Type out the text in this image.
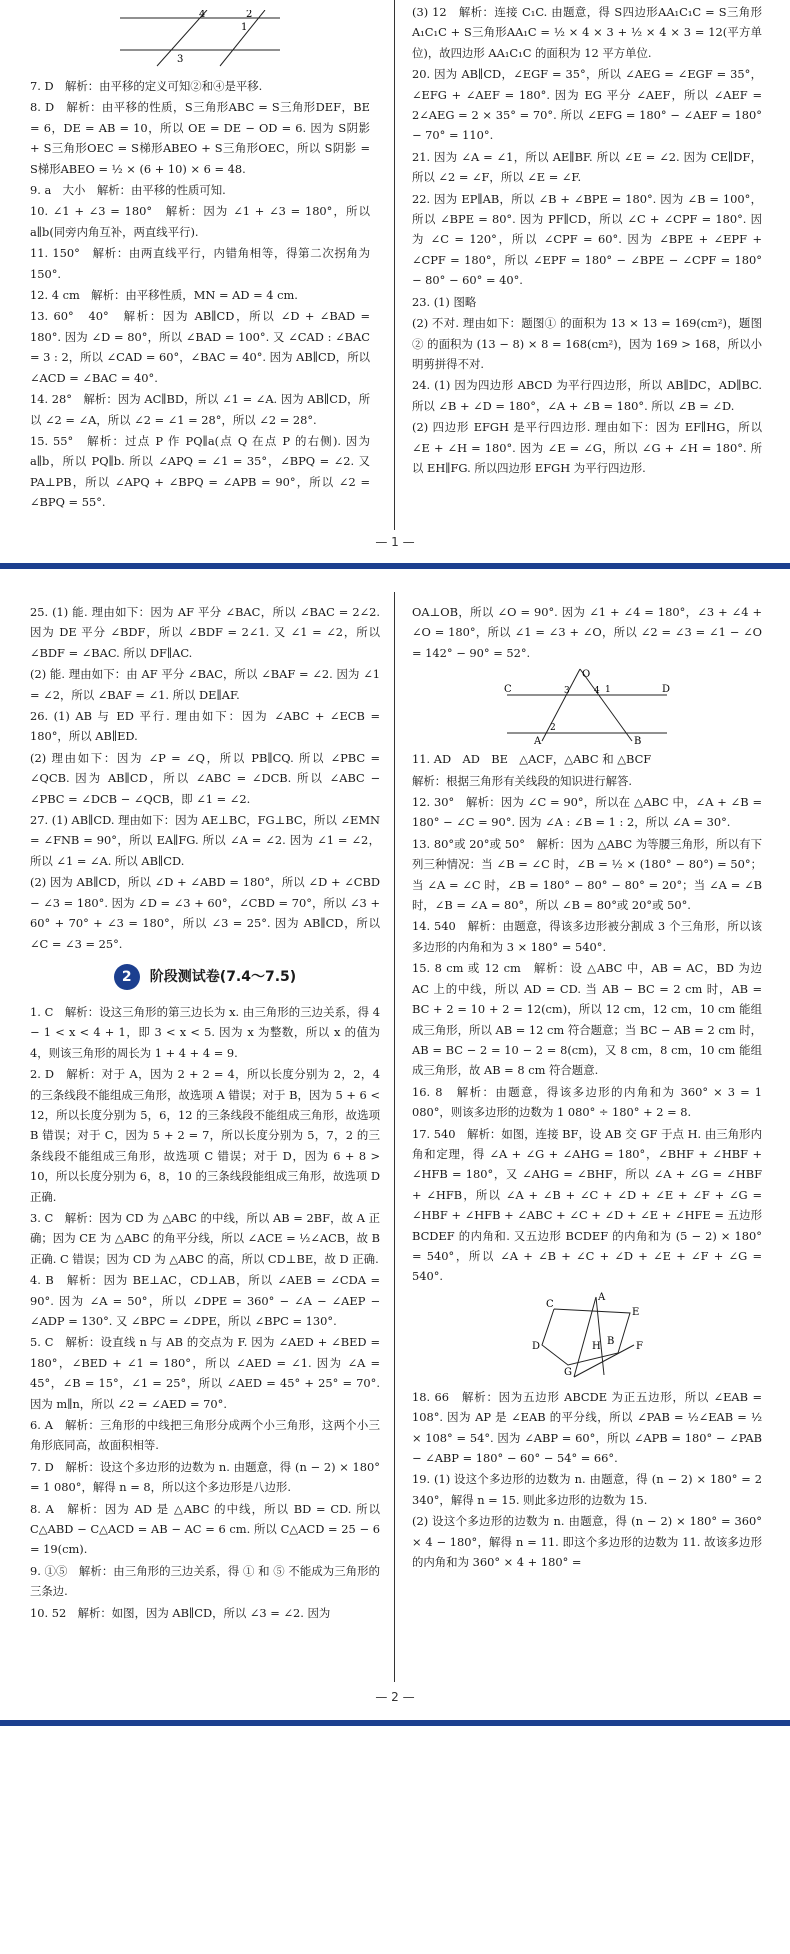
4	2
1
3

7. D　解析：由平移的定义可知②和④是平移.

8. D　解析：由平移的性质，S三角形ABC = S三角形DEF，BE = 6，DE = AB = 10，所以 OE = DE − OD = 6. 因为 S阴影 + S三角形OEC = S梯形ABEO + S三角形OEC，所以 S阴影 = S梯形ABEO = ½ × (6 + 10) × 6 = 48.

9. a　大小　解析：由平移的性质可知.

10. ∠1 + ∠3 = 180°　解析：因为 ∠1 + ∠3 = 180°，所以 a∥b(同旁内角互补，两直线平行).

11. 150°　解析：由两直线平行，内错角相等，得第二次拐角为 150°.

12. 4 cm　解析：由平移性质，MN = AD = 4 cm.

13. 60°　40°　解析：因为 AB∥CD，所以 ∠D + ∠BAD = 180°. 因为 ∠D = 80°，所以 ∠BAD = 100°. 又 ∠CAD : ∠BAC = 3 : 2，所以 ∠CAD = 60°，∠BAC = 40°. 因为 AB∥CD，所以 ∠ACD = ∠BAC = 40°.

14. 28°　解析：因为 AC∥BD，所以 ∠1 = ∠A. 因为 AB∥CD，所以 ∠2 = ∠A，所以 ∠2 = ∠1 = 28°，所以 ∠2 = 28°.

15. 55°　解析：过点 P 作 PQ∥a(点 Q 在点 P 的右侧). 因为 a∥b，所以 PQ∥b. 所以 ∠APQ = ∠1 = 35°，∠BPQ = ∠2. 又 PA⊥PB，所以 ∠APQ + ∠BPQ = ∠APB = 90°，所以 ∠2 = ∠BPQ = 55°.

(3) 12　解析：连接 C₁C. 由题意，得 S四边形AA₁C₁C = S三角形A₁C₁C + S三角形AA₁C = ½ × 4 × 3 + ½ × 4 × 3 = 12(平方单位)，故四边形 AA₁C₁C 的面积为 12 平方单位.

20. 因为 AB∥CD，∠EGF = 35°，所以 ∠AEG = ∠EGF = 35°，∠EFG + ∠AEF = 180°. 因为 EG 平分 ∠AEF，所以 ∠AEF = 2∠AEG = 2 × 35° = 70°. 所以 ∠EFG = 180° − ∠AEF = 180° − 70° = 110°.

21. 因为 ∠A = ∠1，所以 AE∥BF. 所以 ∠E = ∠2. 因为 CE∥DF，所以 ∠2 = ∠F，所以 ∠E = ∠F.

22. 因为 EP∥AB，所以 ∠B + ∠BPE = 180°. 因为 ∠B = 100°，所以 ∠BPE = 80°. 因为 PF∥CD，所以 ∠C + ∠CPF = 180°. 因为 ∠C = 120°，所以 ∠CPF = 60°. 因为 ∠BPE + ∠EPF + ∠CPF = 180°，所以 ∠EPF = 180° − ∠BPE − ∠CPF = 180° − 80° − 60° = 40°.

23. (1) 图略

(2) 不对. 理由如下：题图① 的面积为 13 × 13 = 169(cm²)，题图② 的面积为 (13 − 8) × 8 = 168(cm²)，因为 169 > 168，所以小明剪拼得不对.

24. (1) 因为四边形 ABCD 为平行四边形，所以 AB∥DC，AD∥BC. 所以 ∠B + ∠D = 180°，∠A + ∠B = 180°. 所以 ∠B = ∠D.

(2) 四边形 EFGH 是平行四边形. 理由如下：因为 EF∥HG，所以 ∠E + ∠H = 180°. 因为 ∠E = ∠G，所以 ∠G + ∠H = 180°. 所以 EH∥FG. 所以四边形 EFGH 为平行四边形.

— 1 —

25. (1) 能. 理由如下：因为 AF 平分 ∠BAC，所以 ∠BAC = 2∠2. 因为 DE 平分 ∠BDF，所以 ∠BDF = 2∠1. 又 ∠1 = ∠2，所以 ∠BDF = ∠BAC. 所以 DF∥AC.

(2) 能. 理由如下：由 AF 平分 ∠BAC，所以 ∠BAF = ∠2. 因为 ∠1 = ∠2，所以 ∠BAF = ∠1. 所以 DE∥AF.

26. (1) AB 与 ED 平行. 理由如下：因为 ∠ABC + ∠ECB = 180°，所以 AB∥ED.

(2) 理由如下：因为 ∠P = ∠Q，所以 PB∥CQ. 所以 ∠PBC = ∠QCB. 因为 AB∥CD，所以 ∠ABC = ∠DCB. 所以 ∠ABC − ∠PBC = ∠DCB − ∠QCB，即 ∠1 = ∠2.

27. (1) AB∥CD. 理由如下：因为 AE⊥BC，FG⊥BC，所以 ∠EMN = ∠FNB = 90°，所以 EA∥FG. 所以 ∠A = ∠2. 因为 ∠1 = ∠2，所以 ∠1 = ∠A. 所以 AB∥CD.

(2) 因为 AB∥CD，所以 ∠D + ∠ABD = 180°，所以 ∠D + ∠CBD − ∠3 = 180°. 因为 ∠D = ∠3 + 60°，∠CBD = 70°，所以 ∠3 + 60° + 70° + ∠3 = 180°，所以 ∠3 = 25°. 因为 AB∥CD，所以 ∠C = ∠3 = 25°.

2	阶段测试卷(7.4～7.5)

1. C　解析：设这三角形的第三边长为 x. 由三角形的三边关系，得 4 − 1 < x < 4 + 1，即 3 < x < 5. 因为 x 为整数，所以 x 的值为 4，则该三角形的周长为 1 + 4 + 4 = 9.

2. D　解析：对于 A，因为 2 + 2 = 4，所以长度分别为 2，2，4 的三条线段不能组成三角形，故选项 A 错误；对于 B，因为 5 + 6 < 12，所以长度分别为 5，6，12 的三条线段不能组成三角形，故选项 B 错误；对于 C，因为 5 + 2 = 7，所以长度分别为 5，7，2 的三条线段不能组成三角形，故选项 C 错误；对于 D，因为 6 + 8 > 10，所以长度分别为 6，8，10 的三条线段能组成三角形，故选项 D 正确.

3. C　解析：因为 CD 为 △ABC 的中线，所以 AB = 2BF，故 A 正确；因为 CE 为 △ABC 的角平分线，所以 ∠ACE = ½∠ACB，故 B 正确. C 错误；因为 CD 为 △ABC 的高，所以 CD⊥BE，故 D 正确.

4. B　解析：因为 BE⊥AC，CD⊥AB，所以 ∠AEB = ∠CDA = 90°. 因为 ∠A = 50°，所以 ∠DPE = 360° − ∠A − ∠AEP − ∠ADP = 130°. 又 ∠BPC = ∠DPE，所以 ∠BPC = 130°.

5. C　解析：设直线 n 与 AB 的交点为 F. 因为 ∠AED + ∠BED = 180°，∠BED + ∠1 = 180°，所以 ∠AED = ∠1. 因为 ∠A = 45°，∠B = 15°，∠1 = 25°，所以 ∠AED = 45° + 25° = 70°. 因为 m∥n，所以 ∠2 = ∠AED = 70°.

6. A　解析：三角形的中线把三角形分成两个小三角形，这两个小三角形底同高，故面积相等.

7. D　解析：设这个多边形的边数为 n. 由题意，得 (n − 2) × 180° = 1 080°，解得 n = 8，所以这个多边形是八边形.

8. A　解析：因为 AD 是 △ABC 的中线，所以 BD = CD. 所以 C△ABD − C△ACD = AB − AC = 6 cm. 所以 C△ACD = 25 − 6 = 19(cm).

9. ①⑤　解析：由三角形的三边关系，得 ① 和 ⑤ 不能成为三角形的三条边.

10. 52　解析：如图，因为 AB∥CD，所以 ∠3 = ∠2. 因为

OA⊥OB，所以 ∠O = 90°. 因为 ∠1 + ∠4 = 180°，∠3 + ∠4 + ∠O = 180°，所以 ∠1 = ∠3 + ∠O，所以 ∠2 = ∠3 = ∠1 − ∠O = 142° − 90° = 52°.

O
C	3	4 1	D
2
A	B

11. AD　AD　BE　△ACF，△ABC 和 △BCF

解析：根据三角形有关线段的知识进行解答.

12. 30°　解析：因为 ∠C = 90°，所以在 △ABC 中，∠A + ∠B = 180° − ∠C = 90°. 因为 ∠A : ∠B = 1 : 2，所以 ∠A = 30°.

13. 80°或 20°或 50°　解析：因为 △ABC 为等腰三角形，所以有下列三种情况：当 ∠B = ∠C 时，∠B = ½ × (180° − 80°) = 50°；当 ∠A = ∠C 时，∠B = 180° − 80° − 80° = 20°；当 ∠A = ∠B 时，∠B = ∠A = 80°，所以 ∠B = 80°或 20°或 50°.

14. 540　解析：由题意，得该多边形被分割成 3 个三角形，所以该多边形的内角和为 3 × 180° = 540°.

15. 8 cm 或 12 cm　解析：设 △ABC 中，AB = AC，BD 为边 AC 上的中线，所以 AD = CD. 当 AB − BC = 2 cm 时，AB = BC + 2 = 10 + 2 = 12(cm)，所以 12 cm，12 cm，10 cm 能组成三角形，所以 AB = 12 cm 符合题意；当 BC − AB = 2 cm 时，AB = BC − 2 = 10 − 2 = 8(cm)，又 8 cm，8 cm，10 cm 能组成三角形，故 AB = 8 cm 符合题意.

16. 8　解析：由题意，得该多边形的内角和为 360° × 3 = 1 080°，则该多边形的边数为 1 080° ÷ 180° + 2 = 8.

17. 540　解析：如图，连接 BF，设 AB 交 GF 于点 H. 由三角形内角和定理，得 ∠A + ∠G + ∠AHG = 180°，∠BHF + ∠HBF + ∠HFB = 180°，又 ∠AHG = ∠BHF，所以 ∠A + ∠G = ∠HBF + ∠HFB，所以 ∠A + ∠B + ∠C + ∠D + ∠E + ∠F + ∠G = ∠HBF + ∠HFB + ∠ABC + ∠C + ∠D + ∠E + ∠HFE = 五边形 BCDEF 的内角和. 又五边形 BCDEF 的内角和为 (5 − 2) × 180° = 540°，所以 ∠A + ∠B + ∠C + ∠D + ∠E + ∠F + ∠G = 540°.

A
E
B
H	F
C
G
D

18. 66　解析：因为五边形 ABCDE 为正五边形，所以 ∠EAB = 108°. 因为 AP 是 ∠EAB 的平分线，所以 ∠PAB = ½∠EAB = ½ × 108° = 54°. 因为 ∠ABP = 60°，所以 ∠APB = 180° − ∠PAB − ∠ABP = 180° − 60° − 54° = 66°.

19. (1) 设这个多边形的边数为 n. 由题意，得 (n − 2) × 180° = 2 340°，解得 n = 15. 则此多边形的边数为 15.

(2) 设这个多边形的边数为 n. 由题意，得 (n − 2) × 180° = 360° × 4 − 180°，解得 n = 11. 即这个多边形的边数为 11. 故该多边形的内角和为 360° × 4 + 180° =

— 2 —
